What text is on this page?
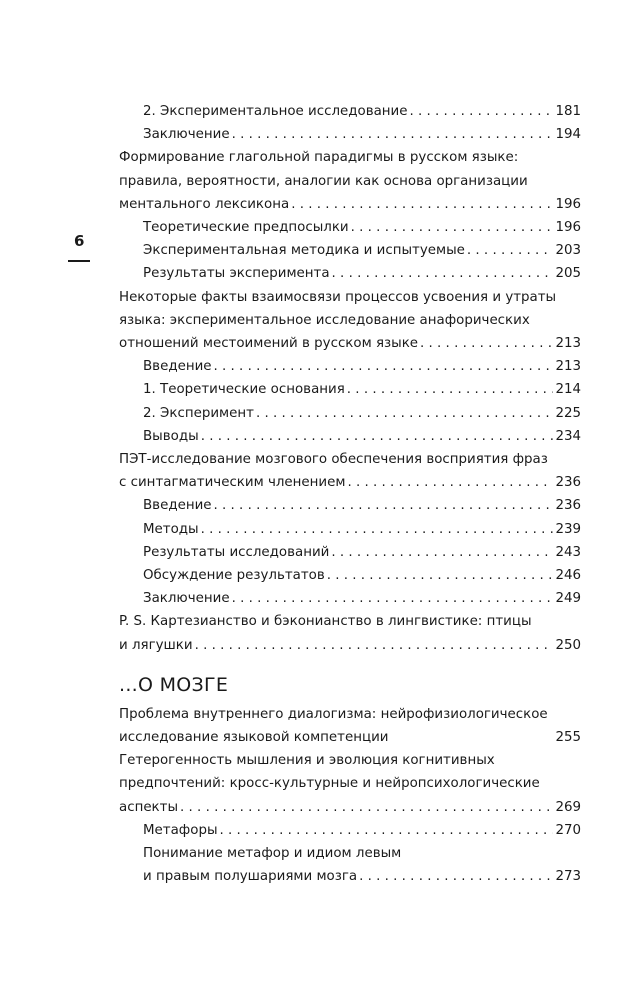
6
2. Экспериментальное исследование . . .	181
Заключение . . .	194
Формирование глагольной парадигмы в русском языке:
правила, вероятности, аналогии как основа организации
ментального лексикона . . .	196
Теоретические предпосылки . . .	196
Экспериментальная методика и испытуемые . . .	203
Результаты эксперимента . . .	205
Некоторые факты взаимосвязи процессов усвоения и утраты
языка: экспериментальное исследование анафорических
отношений местоимений в русском языке . . .	213
Введение . . .	213
1. Теоретические основания . . .	214
2. Эксперимент . . .	225
Выводы . . .	234
ПЭТ-исследование мозгового обеспечения восприятия фраз
с синтагматическим членением . . .	236
Введение . . .	236
Методы . . .	239
Результаты исследований . . .	243
Обсуждение результатов . . .	246
Заключение . . .	249
P. S. Картезианство и бэконианство в лингвистике: птицы
и лягушки . . .	250
...О МОЗГЕ
Проблема внутреннего диалогизма: нейрофизиологическое
исследование языковой компетенции	255
Гетерогенность мышления и эволюция когнитивных
предпочтений: кросс-культурные и нейропсихологические
аспекты . . .	269
Метафоры . . .	270
Понимание метафор и идиом левым
и правым полушариями мозга . . .	273
